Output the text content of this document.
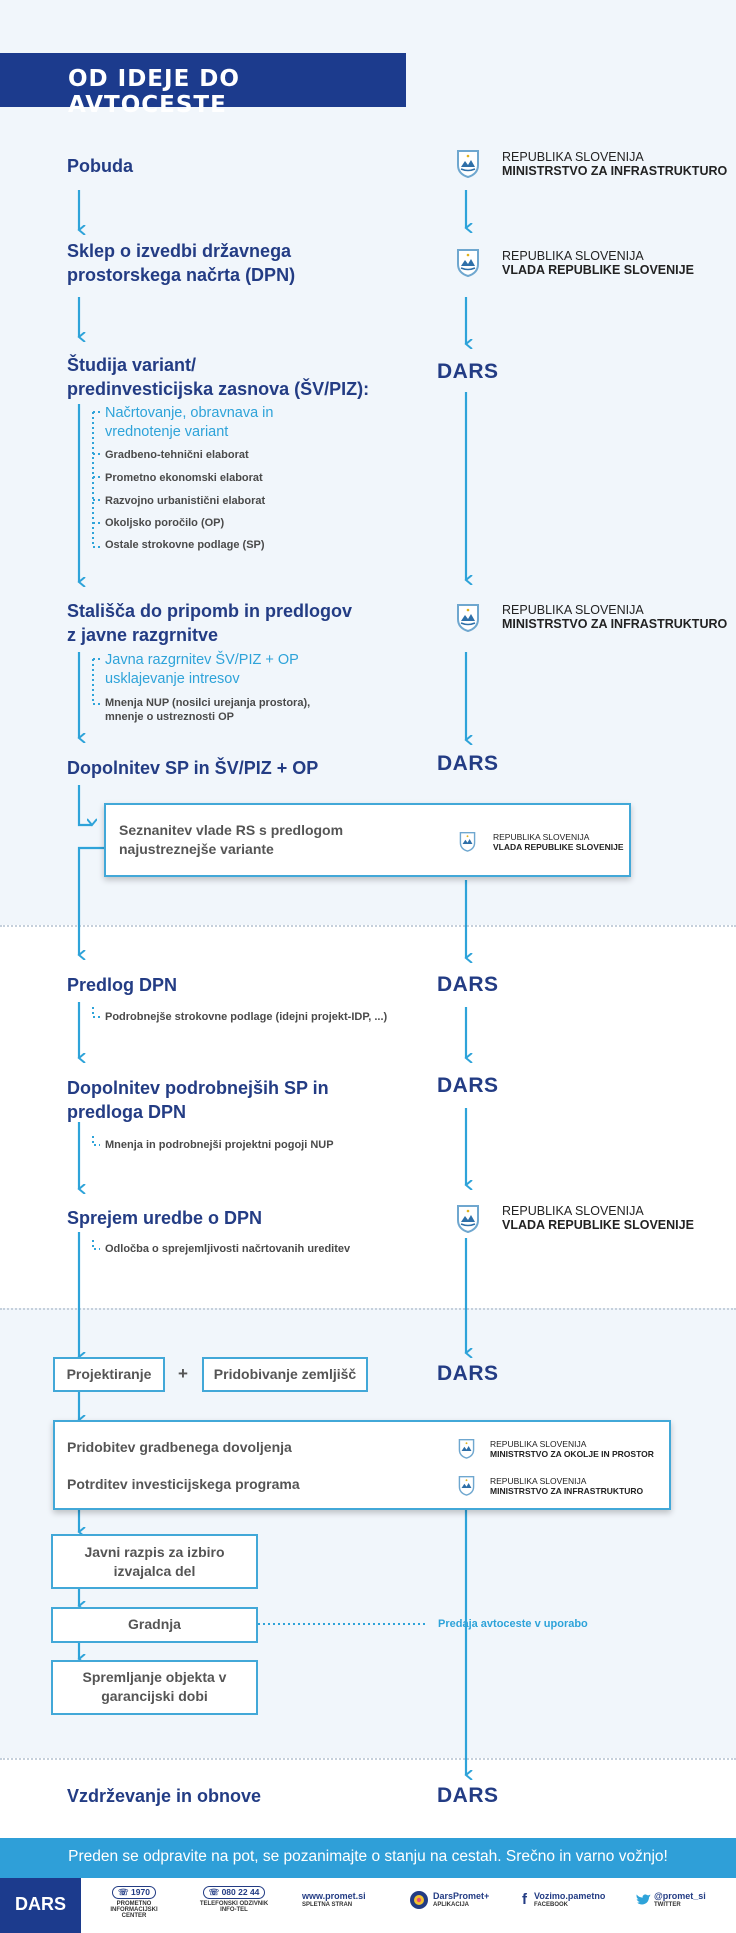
OD IDEJE DO AVTOCESTE
Pobuda
Sklep o izvedbi državnega
prostorskega načrta (DPN)
Študija variant/
predinvesticijska zasnova (ŠV/PIZ):
Načrtovanje, obravnava in
vrednotenje variant
Gradbeno-tehnični elaborat
Prometno ekonomski elaborat
Razvojno urbanistični elaborat
Okoljsko poročilo (OP)
Ostale strokovne podlage (SP)
Stališča do pripomb in predlogov
z javne razgrnitve
Javna razgrnitev ŠV/PIZ + OP
usklajevanje intresov
Mnenja NUP (nosilci urejanja prostora),
mnenje o ustreznosti OP
Dopolnitev SP in ŠV/PIZ + OP
Seznanitev vlade RS s predlogom
najustreznejše variante
Predlog DPN
Podrobnejše strokovne podlage (idejni projekt-IDP, ...)
Dopolnitev podrobnejših SP in
predloga DPN
Mnenja in podrobnejši projektni pogoji NUP
Sprejem uredbe o DPN
Odločba o sprejemljivosti načrtovanih ureditev
Projektiranje	+	Pridobivanje zemljišč
Pridobitev gradbenega dovoljenja
Potrditev investicijskega programa
Javni razpis za izbiro
izvajalca del
Gradnja	Predaja avtoceste v uporabo
Spremljanje objekta v
garancijski dobi
Vzdrževanje in obnove
DARS
DARS
DARS
DARS
DARS
DARS
REPUBLIKA SLOVENIJA
MINISTRSTVO ZA INFRASTRUKTURO
REPUBLIKA SLOVENIJA
VLADA REPUBLIKE SLOVENIJE
REPUBLIKA SLOVENIJA
MINISTRSTVO ZA INFRASTRUKTURO
REPUBLIKA SLOVENIJA
VLADA REPUBLIKE SLOVENIJE
REPUBLIKA SLOVENIJA
VLADA REPUBLIKE SLOVENIJE
REPUBLIKA SLOVENIJA
MINISTRSTVO ZA OKOLJE IN PROSTOR
REPUBLIKA SLOVENIJA
MINISTRSTVO ZA INFRASTRUKTURO
Preden se odpravite na pot, se pozanimajte o stanju na cestah. Srečno in varno vožnjo!
DARS
☏ 1970
PROMETNO
INFORMACIJSKI
CENTER
☏ 080 22 44
TELEFONSKI ODZIVNIK
INFO-TEL
www.promet.si
SPLETNA STRAN
DarsPromet+
APLIKACIJA	f Vozimo.pametno
FACEBOOK
@promet_si
TWITTER
